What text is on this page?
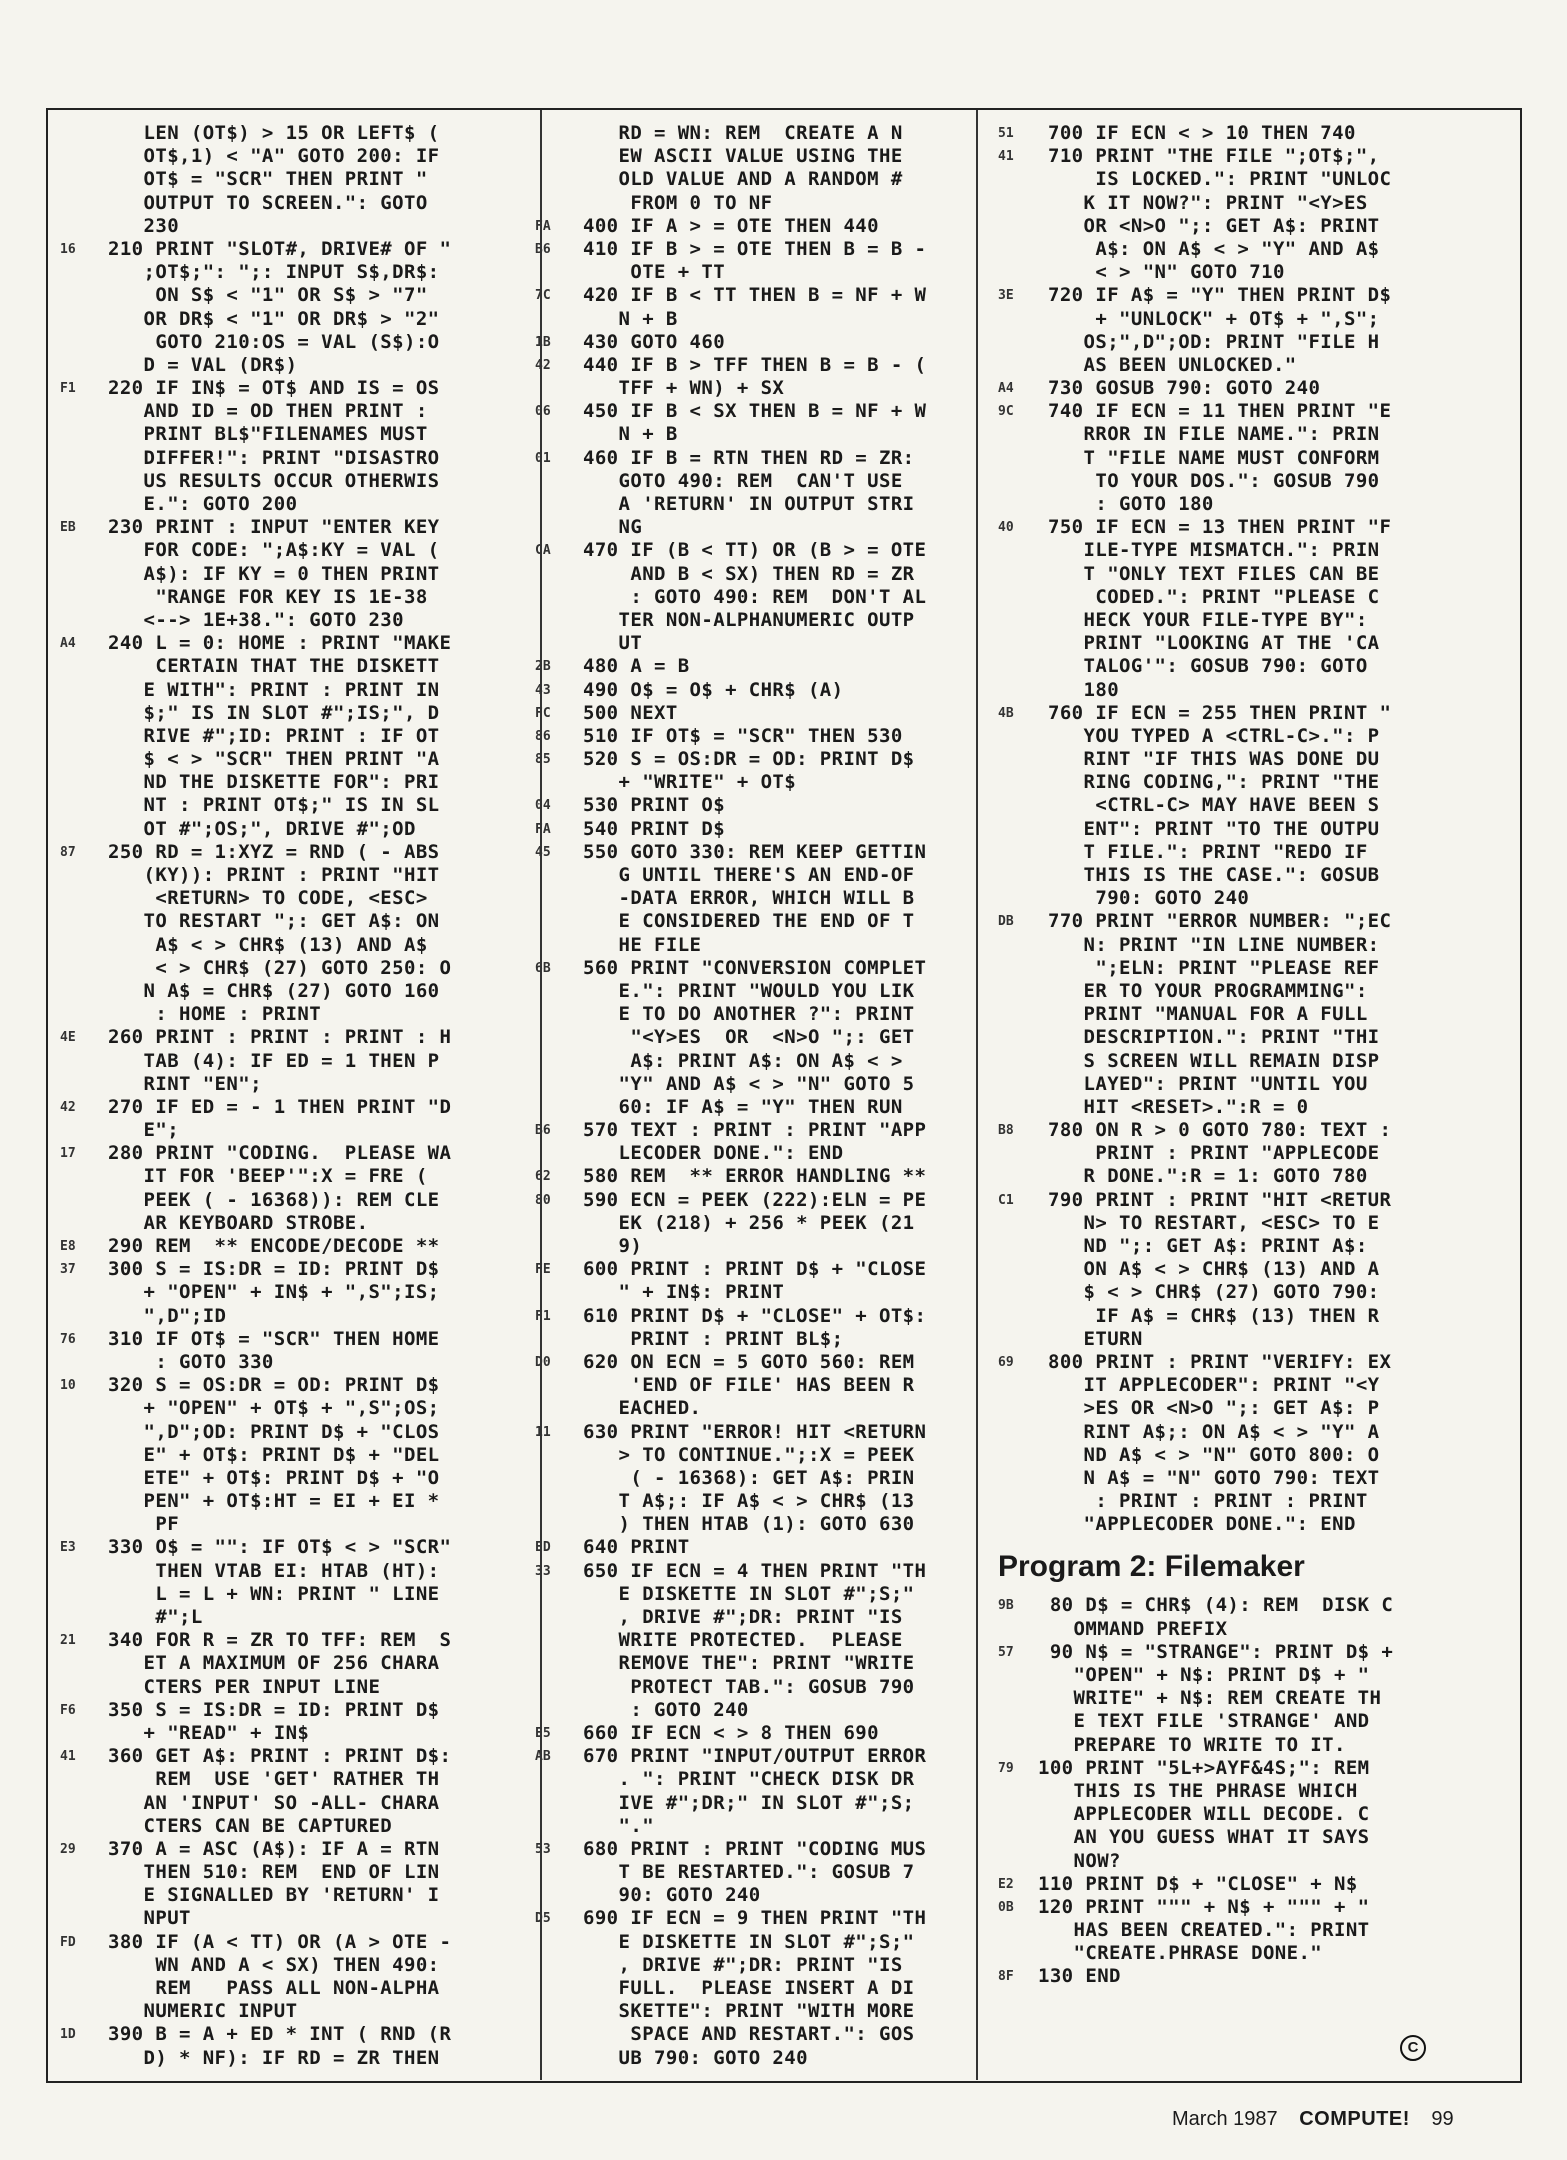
LEN (OT$) > 15 OR LEFT$ (
OT$,1) < "A" GOTO 200: IF
OT$ = "SCR" THEN PRINT "
OUTPUT TO SCREEN.": GOTO
230
16 210 PRINT "SLOT#, DRIVE# OF "
;OT$;": ";: INPUT S$,DR$:
ON S$ < "1" OR S$ > "7"
OR DR$ < "1" OR DR$ > "2"
GOTO 210:OS = VAL (S$):O
D = VAL (DR$)
F1 220 IF IN$ = OT$ AND IS = OS
AND ID = OD THEN PRINT :
PRINT BL$"FILENAMES MUST
DIFFER!": PRINT "DISASTRO
US RESULTS OCCUR OTHERWIS
E.": GOTO 200
EB 230 PRINT : INPUT "ENTER KEY
FOR CODE: ";A$:KY = VAL (
A$): IF KY = 0 THEN PRINT
"RANGE FOR KEY IS 1E-38
<--> 1E+38.": GOTO 230
A4 240 L = 0: HOME : PRINT "MAKE
CERTAIN THAT THE DISKETT
E WITH": PRINT : PRINT IN
$;" IS IN SLOT #";IS;", D
RIVE #";ID: PRINT : IF OT
$ < > "SCR" THEN PRINT "A
ND THE DISKETTE FOR": PRI
NT : PRINT OT$;" IS IN SL
OT #";OS;", DRIVE #";OD
87 250 RD = 1:XYZ = RND ( - ABS
(KY)): PRINT : PRINT "HIT
<RETURN> TO CODE, <ESC>
TO RESTART ";: GET A$: ON
A$ < > CHR$ (13) AND A$
< > CHR$ (27) GOTO 250: O
N A$ = CHR$ (27) GOTO 160
: HOME : PRINT
4E 260 PRINT : PRINT : PRINT : H
TAB (4): IF ED = 1 THEN P
RINT "EN";
42 270 IF ED = - 1 THEN PRINT "D
E";
17 280 PRINT "CODING.  PLEASE WA
IT FOR 'BEEP'":X = FRE (
PEEK ( - 16368)): REM CLE
AR KEYBOARD STROBE.
E8 290 REM  ** ENCODE/DECODE **
37 300 S = IS:DR = ID: PRINT D$
+ "OPEN" + IN$ + ",S";IS;
",D";ID
76 310 IF OT$ = "SCR" THEN HOME
: GOTO 330
10 320 S = OS:DR = OD: PRINT D$
+ "OPEN" + OT$ + ",S";OS;
",D";OD: PRINT D$ + "CLOS
E" + OT$: PRINT D$ + "DEL
ETE" + OT$: PRINT D$ + "O
PEN" + OT$:HT = EI + EI *
PF
E3 330 O$ = "": IF OT$ < > "SCR"
THEN VTAB EI: HTAB (HT):
L = L + WN: PRINT " LINE
#";L
21 340 FOR R = ZR TO TFF: REM  S
ET A MAXIMUM OF 256 CHARA
CTERS PER INPUT LINE
F6 350 S = IS:DR = ID: PRINT D$
+ "READ" + IN$
41 360 GET A$: PRINT : PRINT D$:
REM  USE 'GET' RATHER TH
AN 'INPUT' SO -ALL- CHARA
CTERS CAN BE CAPTURED
29 370 A = ASC (A$): IF A = RTN
THEN 510: REM  END OF LIN
E SIGNALLED BY 'RETURN' I
NPUT
FD 380 IF (A < TT) OR (A > OTE -
WN AND A < SX) THEN 490:
REM   PASS ALL NON-ALPHA
NUMERIC INPUT
1D 390 B = A + ED * INT ( RND (R
D) * NF): IF RD = ZR THEN
RD = WN: REM  CREATE A N
EW ASCII VALUE USING THE
OLD VALUE AND A RANDOM #
FROM 0 TO NF
FA 400 IF A > = OTE THEN 440
B6 410 IF B > = OTE THEN B = B -
OTE + TT
7C 420 IF B < TT THEN B = NF + W
N + B
1B 430 GOTO 460
42 440 IF B > TFF THEN B = B - (
TFF + WN) + SX
06 450 IF B < SX THEN B = NF + W
N + B
01 460 IF B = RTN THEN RD = ZR:
GOTO 490: REM  CAN'T USE
A 'RETURN' IN OUTPUT STRI
NG
CA 470 IF (B < TT) OR (B > = OTE
AND B < SX) THEN RD = ZR
: GOTO 490: REM  DON'T AL
TER NON-ALPHANUMERIC OUTP
UT
2B 480 A = B
43 490 O$ = O$ + CHR$ (A)
FC 500 NEXT
86 510 IF OT$ = "SCR" THEN 530
85 520 S = OS:DR = OD: PRINT D$
+ "WRITE" + OT$
04 530 PRINT O$
FA 540 PRINT D$
45 550 GOTO 330: REM KEEP GETTIN
G UNTIL THERE'S AN END-OF
-DATA ERROR, WHICH WILL B
E CONSIDERED THE END OF T
HE FILE
6B 560 PRINT "CONVERSION COMPLET
E.": PRINT "WOULD YOU LIK
E TO DO ANOTHER ?": PRINT
"<Y>ES  OR  <N>O ";: GET
A$: PRINT A$: ON A$ < >
"Y" AND A$ < > "N" GOTO 5
60: IF A$ = "Y" THEN RUN
B6 570 TEXT : PRINT : PRINT "APP
LECODER DONE.": END
62 580 REM  ** ERROR HANDLING **
80 590 ECN = PEEK (222):ELN = PE
EK (218) + 256 * PEEK (21
9)
FE 600 PRINT : PRINT D$ + "CLOSE
" + IN$: PRINT
F1 610 PRINT D$ + "CLOSE" + OT$:
PRINT : PRINT BL$;
D0 620 ON ECN = 5 GOTO 560: REM
'END OF FILE' HAS BEEN R
EACHED.
11 630 PRINT "ERROR! HIT <RETURN
> TO CONTINUE.";:X = PEEK
( - 16368): GET A$: PRIN
T A$;: IF A$ < > CHR$ (13
) THEN HTAB (1): GOTO 630
ED 640 PRINT
33 650 IF ECN = 4 THEN PRINT "TH
E DISKETTE IN SLOT #";S;"
, DRIVE #";DR: PRINT "IS
WRITE PROTECTED.  PLEASE
REMOVE THE": PRINT "WRITE
PROTECT TAB.": GOSUB 790
: GOTO 240
E5 660 IF ECN < > 8 THEN 690
AB 670 PRINT "INPUT/OUTPUT ERROR
. ": PRINT "CHECK DISK DR
IVE #";DR;" IN SLOT #";S;
"."
53 680 PRINT : PRINT "CODING MUS
T BE RESTARTED.": GOSUB 7
90: GOTO 240
D5 690 IF ECN = 9 THEN PRINT "TH
E DISKETTE IN SLOT #";S;"
, DRIVE #";DR: PRINT "IS
FULL.  PLEASE INSERT A DI
SKETTE": PRINT "WITH MORE
SPACE AND RESTART.": GOS
UB 790: GOTO 240
51 700 IF ECN < > 10 THEN 740
41 710 PRINT "THE FILE ";OT$;",
IS LOCKED.": PRINT "UNLOC
K IT NOW?": PRINT "<Y>ES
OR <N>O ";: GET A$: PRINT
A$: ON A$ < > "Y" AND A$
< > "N" GOTO 710
3E 720 IF A$ = "Y" THEN PRINT D$
+ "UNLOCK" + OT$ + ",S";
OS;",D";OD: PRINT "FILE H
AS BEEN UNLOCKED."
A4 730 GOSUB 790: GOTO 240
9C 740 IF ECN = 11 THEN PRINT "E
RROR IN FILE NAME.": PRIN
T "FILE NAME MUST CONFORM
TO YOUR DOS.": GOSUB 790
: GOTO 180
40 750 IF ECN = 13 THEN PRINT "F
ILE-TYPE MISMATCH.": PRIN
T "ONLY TEXT FILES CAN BE
CODED.": PRINT "PLEASE C
HECK YOUR FILE-TYPE BY":
PRINT "LOOKING AT THE 'CA
TALOG'": GOSUB 790: GOTO
180
4B 760 IF ECN = 255 THEN PRINT "
YOU TYPED A <CTRL-C>.": P
RINT "IF THIS WAS DONE DU
RING CODING,": PRINT "THE
<CTRL-C> MAY HAVE BEEN S
ENT": PRINT "TO THE OUTPU
T FILE.": PRINT "REDO IF
THIS IS THE CASE.": GOSUB
790: GOTO 240
DB 770 PRINT "ERROR NUMBER: ";EC
N: PRINT "IN LINE NUMBER:
";ELN: PRINT "PLEASE REF
ER TO YOUR PROGRAMMING":
PRINT "MANUAL FOR A FULL
DESCRIPTION.": PRINT "THI
S SCREEN WILL REMAIN DISP
LAYED": PRINT "UNTIL YOU
HIT <RESET>.":R = 0
B8 780 ON R > 0 GOTO 780: TEXT :
PRINT : PRINT "APPLECODE
R DONE.":R = 1: GOTO 780
C1 790 PRINT : PRINT "HIT <RETUR
N> TO RESTART, <ESC> TO E
ND ";: GET A$: PRINT A$:
ON A$ < > CHR$ (13) AND A
$ < > CHR$ (27) GOTO 790:
IF A$ = CHR$ (13) THEN R
ETURN
69 800 PRINT : PRINT "VERIFY: EX
IT APPLECODER": PRINT "<Y
>ES OR <N>O ";: GET A$: P
RINT A$;: ON A$ < > "Y" A
ND A$ < > "N" GOTO 800: O
N A$ = "N" GOTO 790: TEXT
: PRINT : PRINT : PRINT
"APPLECODER DONE.": END
Program 2: Filemaker
9B 80 D$ = CHR$ (4): REM  DISK C
OMMAND PREFIX
57 90 N$ = "STRANGE": PRINT D$ +
"OPEN" + N$: PRINT D$ + "
WRITE" + N$: REM CREATE TH
E TEXT FILE 'STRANGE' AND
PREPARE TO WRITE TO IT.
79 100 PRINT "5L+>AYF&4S;": REM
THIS IS THE PHRASE WHICH
APPLECODER WILL DECODE. C
AN YOU GUESS WHAT IT SAYS
NOW?
E2 110 PRINT D$ + "CLOSE" + N$
0B 120 PRINT """ + N$ + """ + "
HAS BEEN CREATED.": PRINT
"CREATE.PHRASE DONE."
8F 130 END
C
March 1987 COMPUTE! 99
